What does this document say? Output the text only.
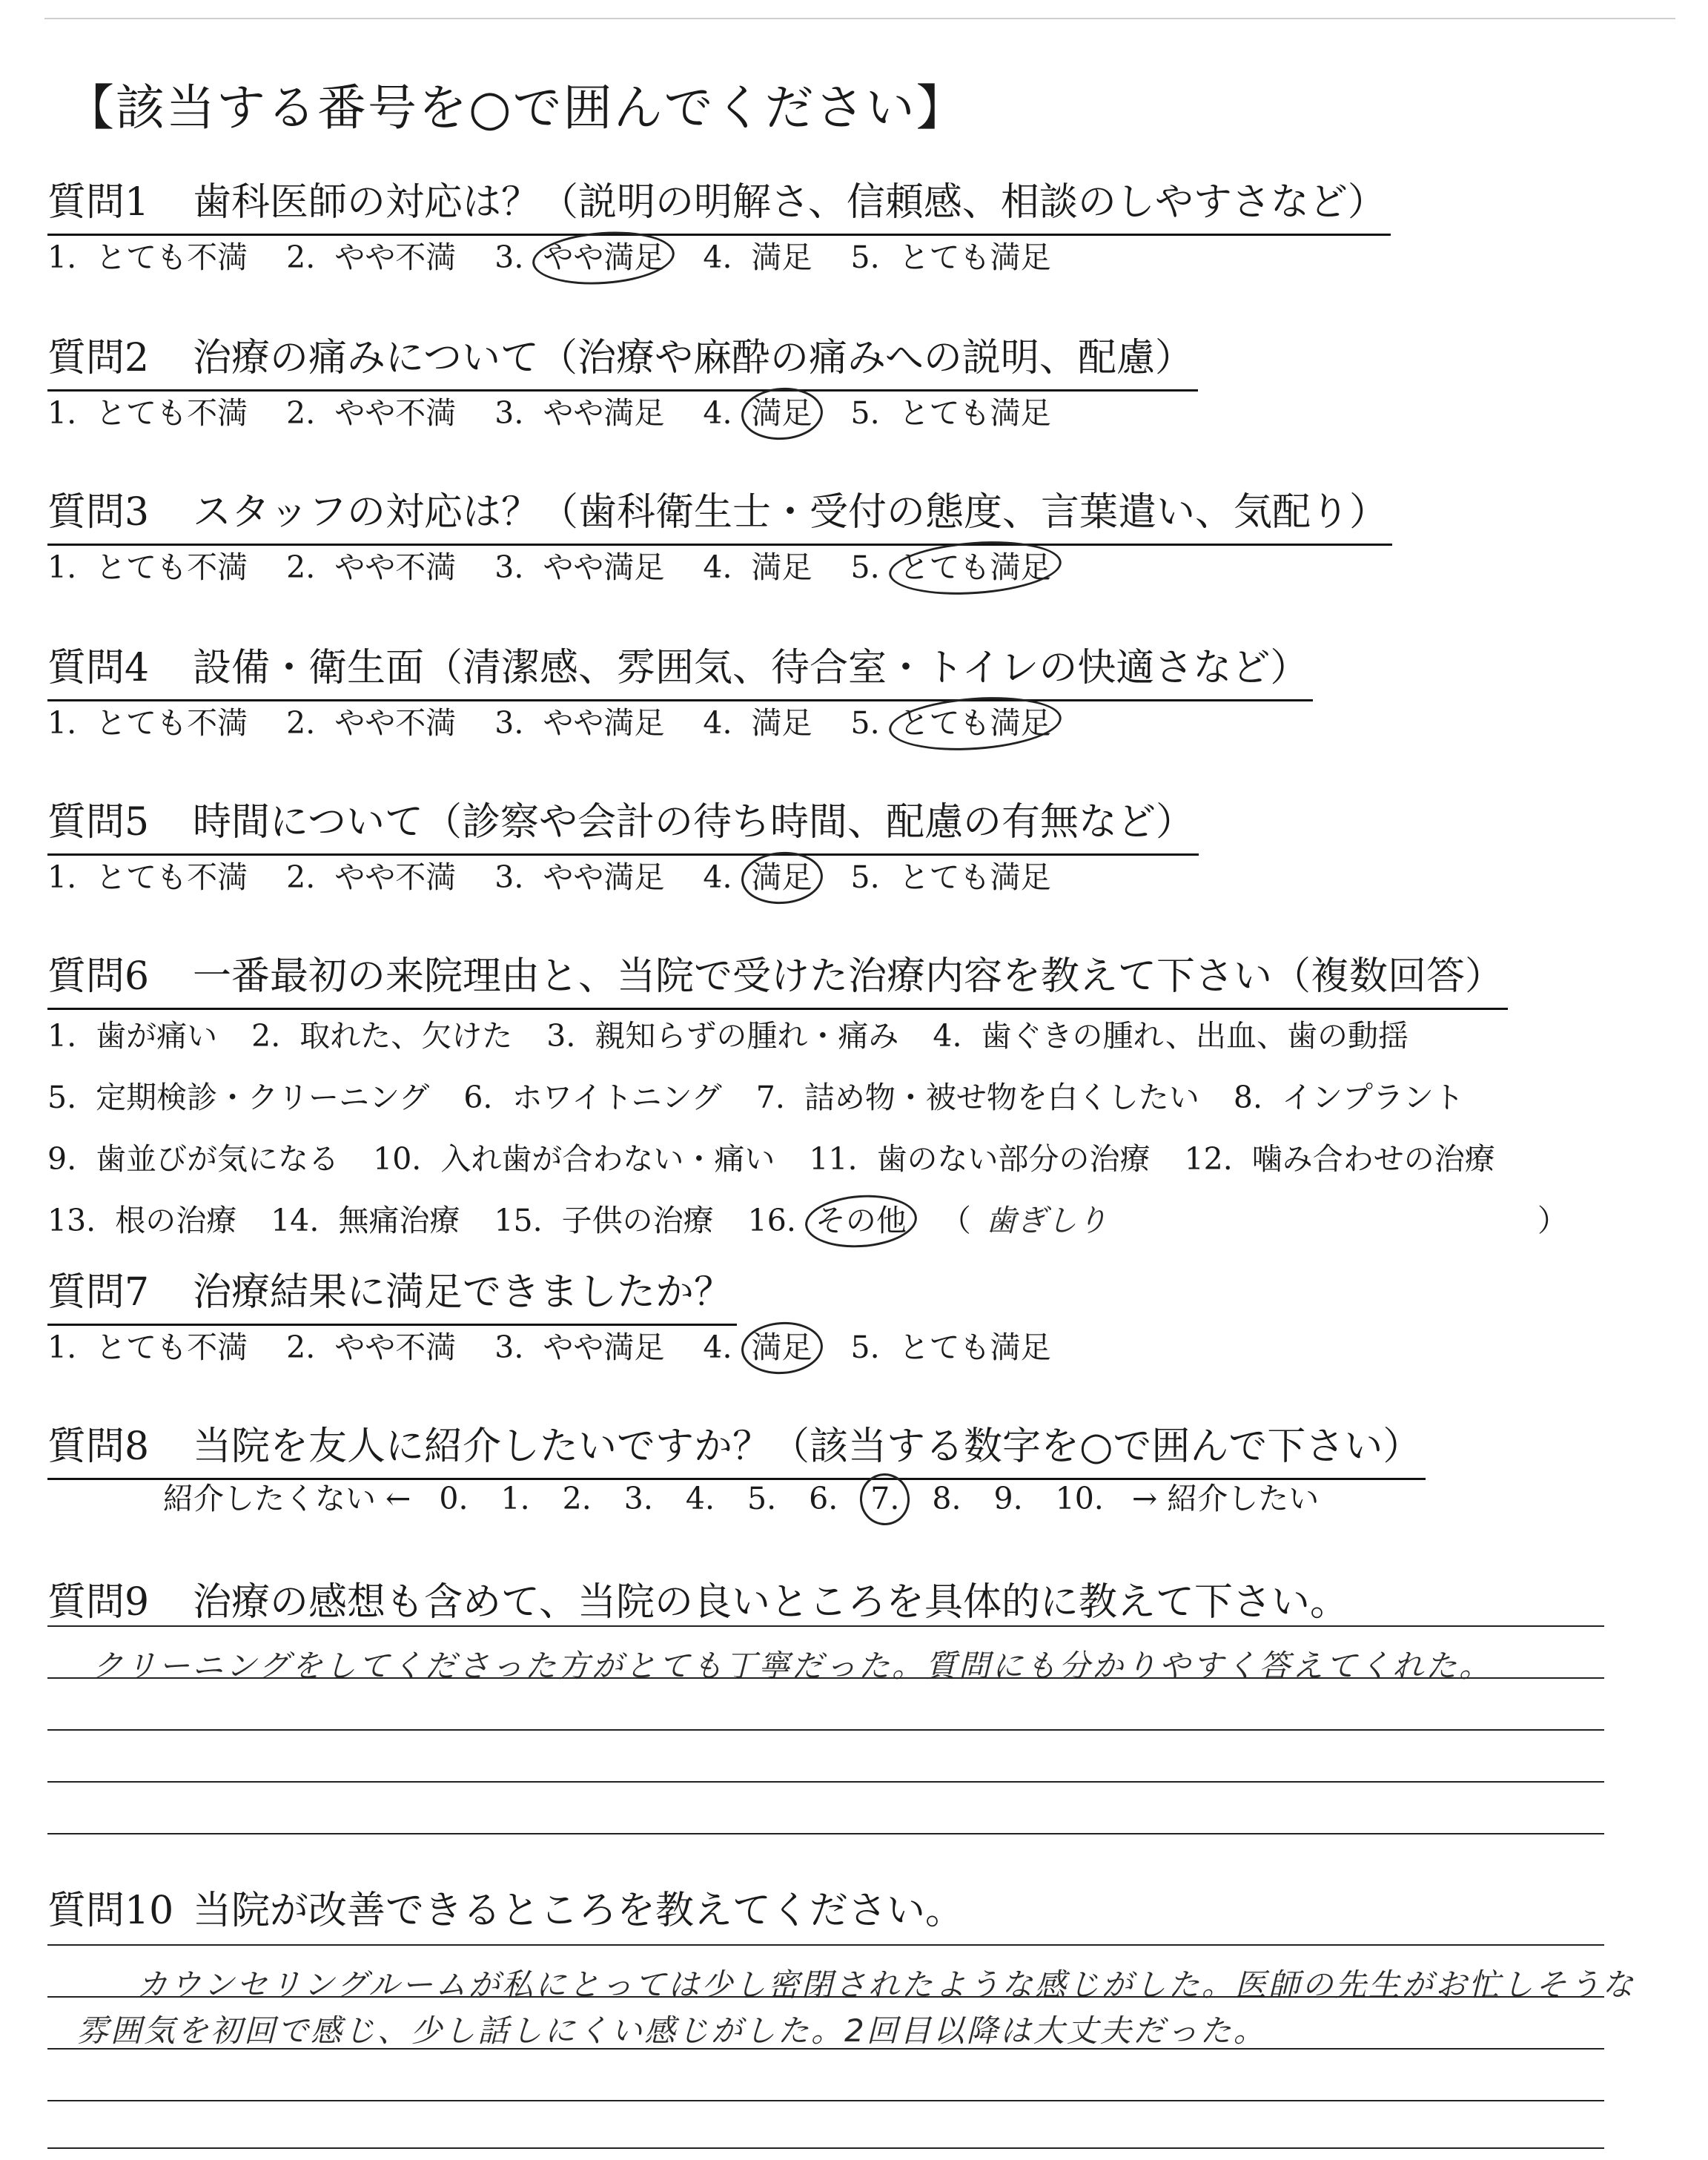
【該当する番号を○で囲んでください】
質問1 歯科医師の対応は？（説明の明解さ、信頼感、相談のしやすさなど）
1. とても不満 2. やや不満 3. やや満足 4. 満足 5. とても満足
質問2 治療の痛みについて（治療や麻酔の痛みへの説明、配慮）
1. とても不満 2. やや不満 3. やや満足 4. 満足 5. とても満足
質問3 スタッフの対応は？（歯科衛生士・受付の態度、言葉遣い、気配り）
1. とても不満 2. やや不満 3. やや満足 4. 満足 5. とても満足
質問4 設備・衛生面（清潔感、雰囲気、待合室・トイレの快適さなど）
1. とても不満 2. やや不満 3. やや満足 4. 満足 5. とても満足
質問5 時間について（診察や会計の待ち時間、配慮の有無など）
1. とても不満 2. やや不満 3. やや満足 4. 満足 5. とても満足
質問6 一番最初の来院理由と、当院で受けた治療内容を教えて下さい（複数回答）
1. 歯が痛い 2. 取れた、欠けた 3. 親知らずの腫れ・痛み 4. 歯ぐきの腫れ、出血、歯の動揺
5. 定期検診・クリーニング 6. ホワイトニング 7. 詰め物・被せ物を白くしたい 8. インプラント
9. 歯並びが気になる 10. 入れ歯が合わない・痛い 11. 歯のない部分の治療 12. 噛み合わせの治療
13. 根の治療 14. 無痛治療 15. 子供の治療 16. その他 （ 歯ぎしり	）
質問7 治療結果に満足できましたか？
1. とても不満 2. やや不満 3. やや満足 4. 満足 5. とても満足
質問8 当院を友人に紹介したいですか？（該当する数字を○で囲んで下さい）
紹介したくない ← 0. 1. 2. 3. 4. 5. 6. 7. 8. 9. 10. → 紹介したい
質問9 治療の感想も含めて、当院の良いところを具体的に教えて下さい。
クリーニングをしてくださった方がとても丁寧だった。質問にも分かりやすく答えてくれた。
質問10 当院が改善できるところを教えてください。
カウンセリングルームが私にとっては少し密閉されたような感じがした。医師の先生がお忙しそうな
雰囲気を初回で感じ、少し話しにくい感じがした。2回目以降は大丈夫だった。
